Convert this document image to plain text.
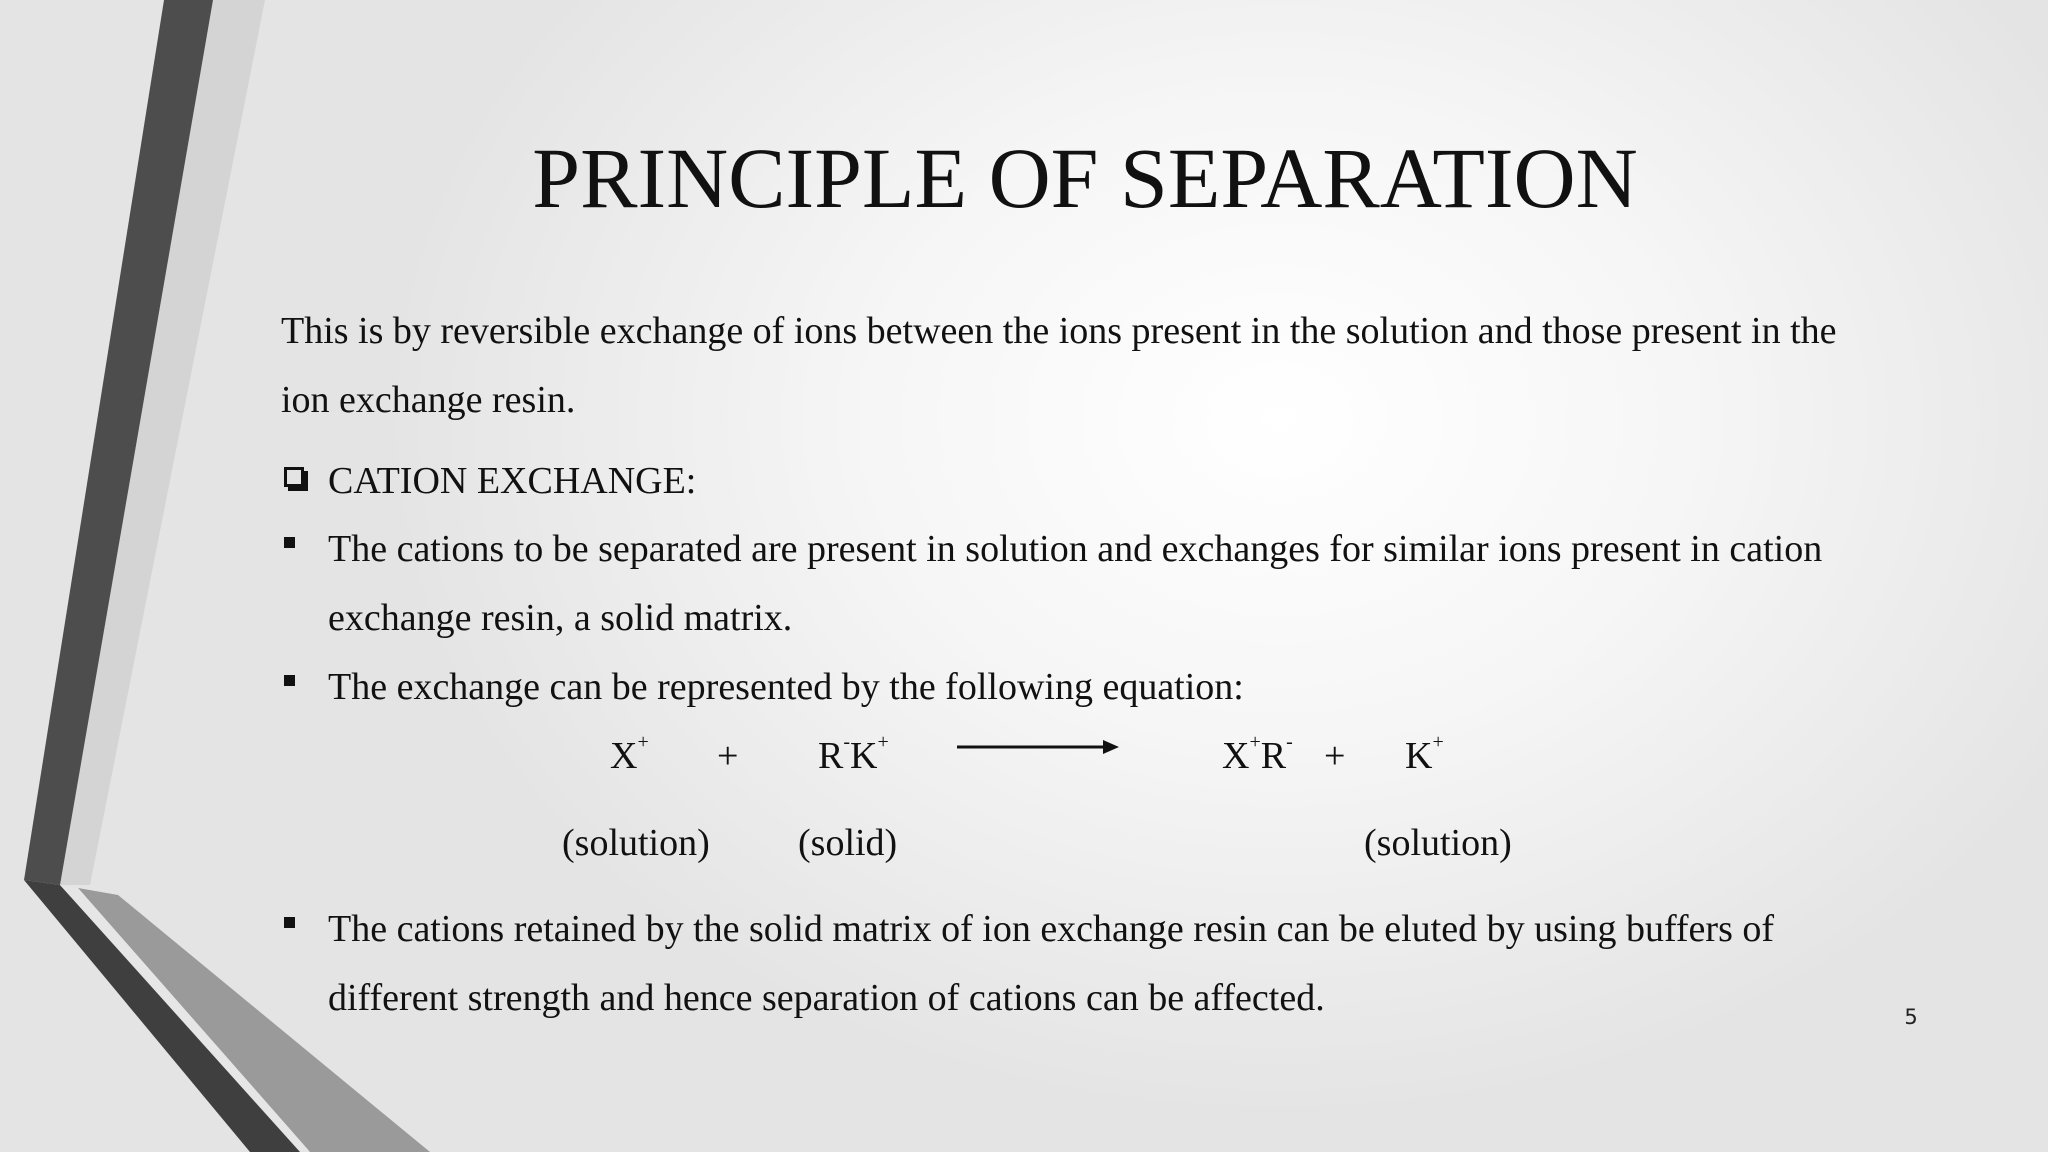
PRINCIPLE OF SEPARATION
This is by reversible exchange of ions between the ions present in the solution and those present in the ion exchange resin.
CATION EXCHANGE:
The cations to be separated are present in solution and exchanges for similar ions present in cation exchange resin, a solid matrix.
The exchange can be represented by the following equation:
X+ + R-K+	X+R- + K+
(solution) (solid)	(solution)
The cations retained by the solid matrix of ion exchange resin can be eluted by using buffers of different strength and hence separation of cations can be affected.	5
